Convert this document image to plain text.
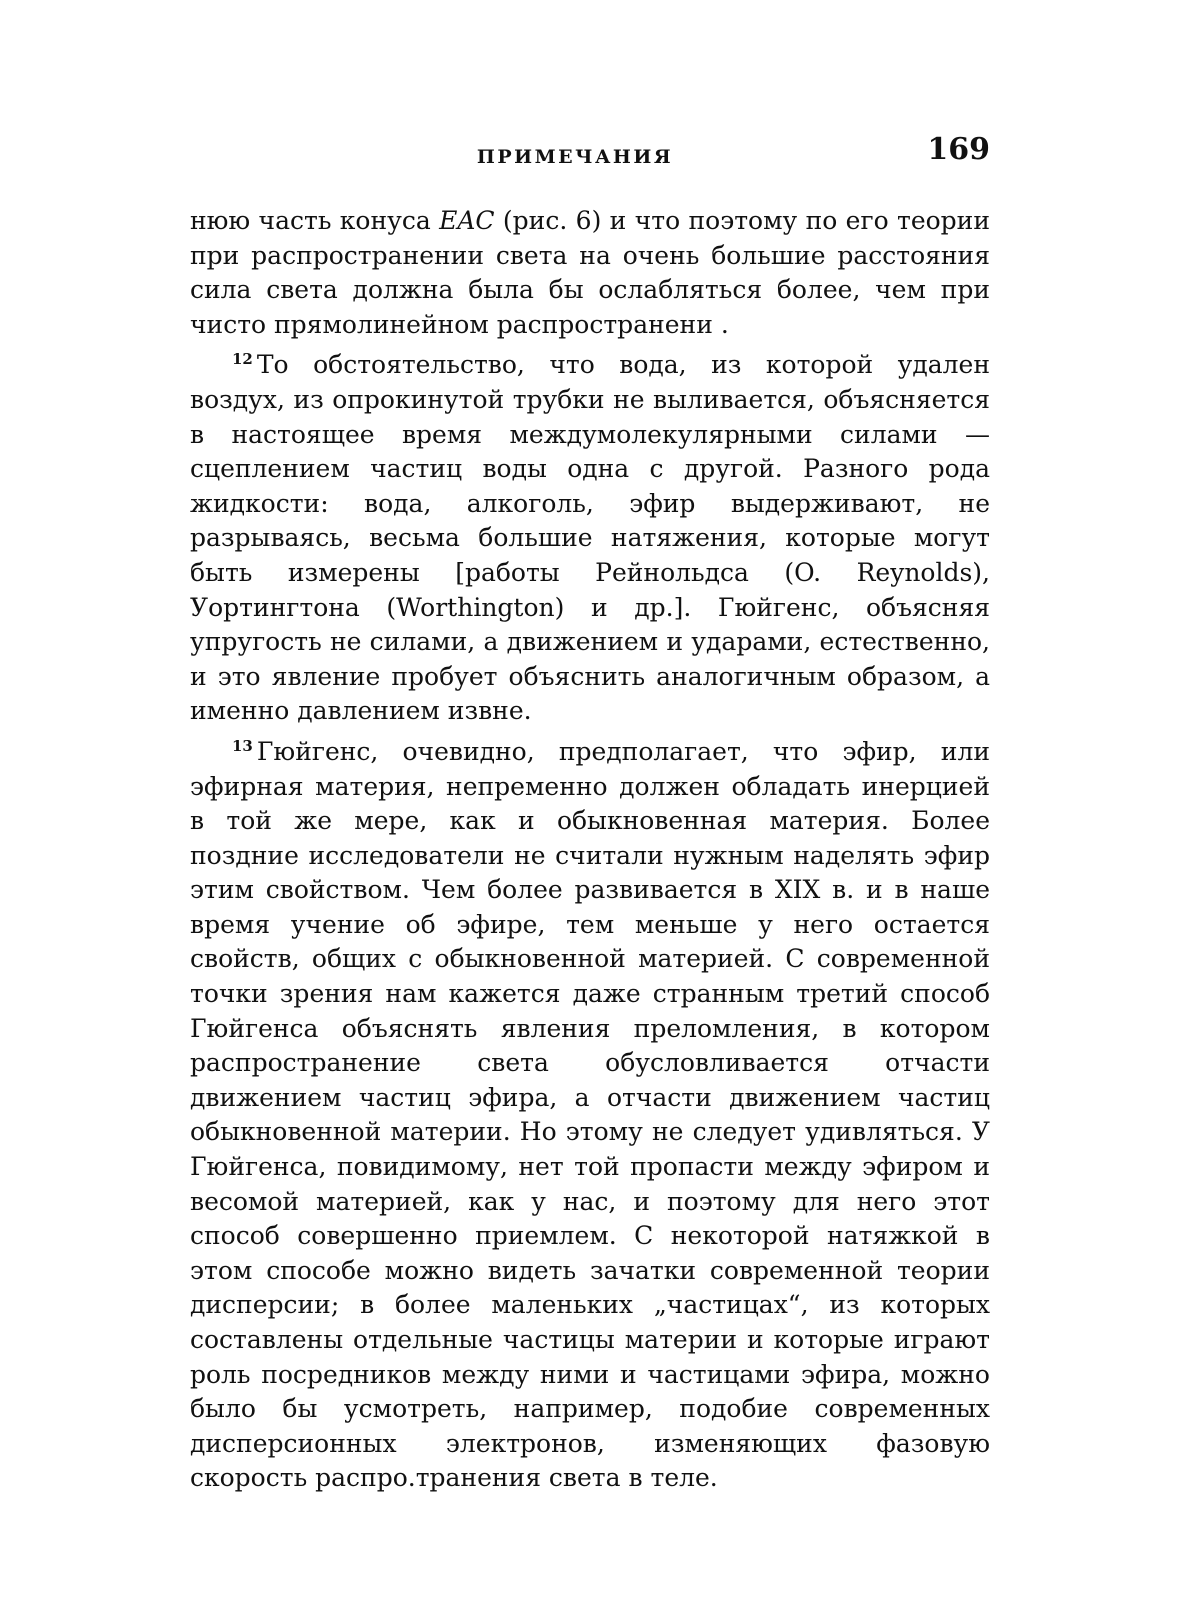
ПРИМЕЧАНИЯ	169

нюю часть конуса EAC (рис. 6) и что поэтому по его теории при распространении света на очень большие расстояния сила света должна была бы ослабляться более, чем при чисто прямолинейном распространени .

$^{12}$ То обстоятельство, что вода, из которой удален воздух, из опрокинутой трубки не выливается, объясняется в настоящее время междумолекулярными силами — сцеплением частиц воды одна с другой. Разного рода жидкости: вода, алкоголь, эфир выдерживают, не разрываясь, весьма большие натяжения, которые могут быть измерены [работы Рейнольдса (O. Reynolds), Уортингтона (Worthington) и др.]. Гюйгенс, объясняя упругость не силами, а движением и ударами, естественно, и это явление пробует объяснить аналогичным образом, а именно давлением извне.

$^{13}$ Гюйгенс, очевидно, предполагает, что эфир, или эфирная материя, непременно должен обладать инерцией в той же мере, как и обыкновенная материя. Более поздние исследователи не считали нужным наделять эфир этим свойством. Чем более развивается в XIX в. и в наше время учение об эфире, тем меньше у него остается свойств, общих с обыкновенной материей. С современной точки зрения нам кажется даже странным третий способ Гюйгенса объяснять явления преломления, в котором распространение света обусловливается отчасти движением частиц эфира, а отчасти движением частиц обыкновенной материи. Но этому не следует удивляться. У Гюйгенса, повидимому, нет той пропасти между эфиром и весомой материей, как у нас, и поэтому для него этот способ совершенно приемлем. С некоторой натяжкой в этом способе можно видеть зачатки современной теории дисперсии; в более маленьких „частицах“, из которых составлены отдельные частицы материи и которые играют роль посредников между ними и частицами эфира, можно было бы усмотреть, например, подобие современных дисперсионных электронов, изменяющих фазовую скорость распро.транения света в теле.
